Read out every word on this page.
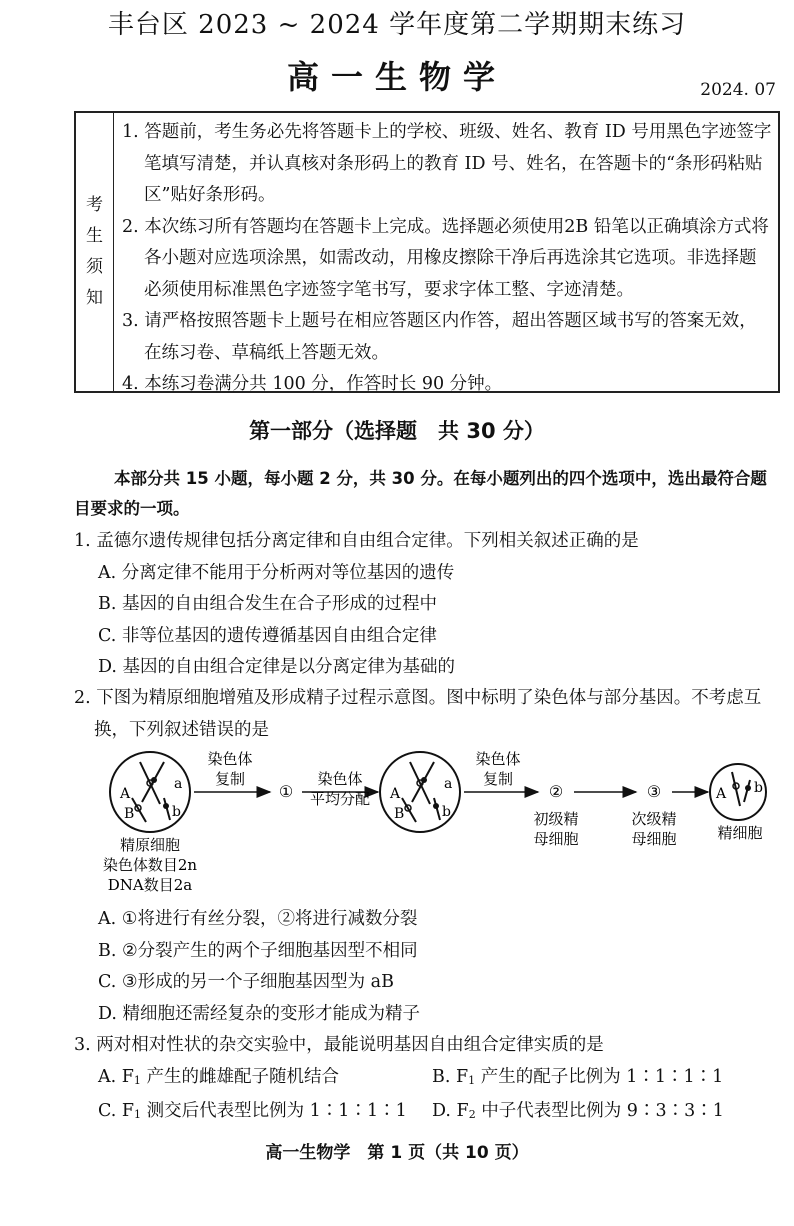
丰台区 2023 ~ 2024 学年度第二学期期末练习
高一生物学	2024. 07
考
生
须
知
1. 答题前，考生务必先将答题卡上的学校、班级、姓名、教育 ID 号用黑色字迹签字笔填写清楚，并认真核对条形码上的教育 ID 号、姓名，在答题卡的“条形码粘贴区”贴好条形码。
2. 本次练习所有答题均在答题卡上完成。选择题必须使用2B 铅笔以正确填涂方式将各小题对应选项涂黑，如需改动，用橡皮擦除干净后再选涂其它选项。非选择题必须使用标准黑色字迹签字笔书写，要求字体工整、字迹清楚。
3. 请严格按照答题卡上题号在相应答题区内作答，超出答题区域书写的答案无效，在练习卷、草稿纸上答题无效。
4. 本练习卷满分共 100 分，作答时长 90 分钟。
第一部分（选择题　共 30 分）
本部分共 15 小题，每小题 2 分，共 30 分。在每小题列出的四个选项中，选出最符合题目要求的一项。
1. 孟德尔遗传规律包括分离定律和自由组合定律。下列相关叙述正确的是
A. 分离定律不能用于分析两对等位基因的遗传
B. 基因的自由组合发生在合子形成的过程中
C. 非等位基因的遗传遵循基因自由组合定律
D. 基因的自由组合定律是以分离定律为基础的
2. 下图为精原细胞增殖及形成精子过程示意图。图中标明了染色体与部分基因。不考虑互换，下列叙述错误的是
A
a
B	b
精原细胞
染色体数目2n
DNA数目2a
染色体
复制
①
染色体
平均分配 A
a
B	b
染色体
复制
②
初级精
母细胞
③
次级精
母细胞
A b
精细胞
A. ①将进行有丝分裂，②将进行减数分裂
B. ②分裂产生的两个子细胞基因型不相同
C. ③形成的另一个子细胞基因型为 aB
D. 精细胞还需经复杂的变形才能成为精子
3. 两对相对性状的杂交实验中，最能说明基因自由组合定律实质的是
A. $F_1$ 产生的雌雄配子随机结合	B. $F_1$ 产生的配子比例为 1∶1∶1∶1
C. $F_1$ 测交后代表型比例为 1∶1∶1∶1	D. $F_2$ 中子代表型比例为 9∶3∶3∶1
高一生物学　第 1 页（共 10 页）
